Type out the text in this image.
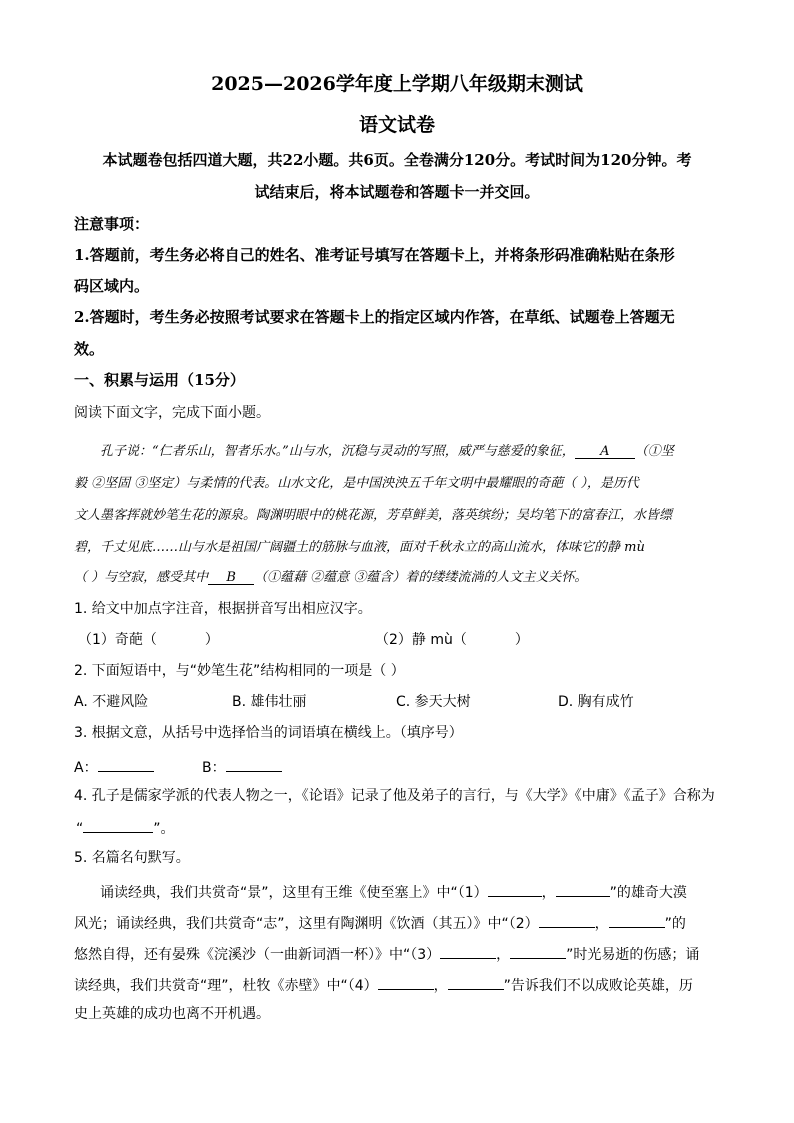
2025—2026学年度上学期八年级期末测试
语文试卷
本试题卷包括四道大题，共22小题。共6页。全卷满分120分。考试时间为120分钟。考
试结束后，将本试题卷和答题卡一并交回。
注意事项：
1.答题前，考生务必将自己的姓名、准考证号填写在答题卡上，并将条形码准确粘贴在条形
码区域内。
2.答题时，考生务必按照考试要求在答题卡上的指定区域内作答，在草纸、试题卷上答题无
效。
一、积累与运用（15分）
阅读下面文字，完成下面小题。
孔子说：“仁者乐山，智者乐水。”山与水，沉稳与灵动的写照，威严与慈爱的象征， A （①坚
毅 ②坚固 ③坚定）与柔情的代表。山水文化，是中国泱泱五千年文明中最耀眼的奇葩（ ），是历代
文人墨客挥就妙笔生花的源泉。陶渊明眼中的桃花源，芳草鲜美，落英缤纷；吴均笔下的富春江，水皆缥
碧，千丈见底……山与水是祖国广阔疆土的筋脉与血液，面对千秋永立的高山流水，体味它的静 mù
（ ）与空寂，感受其中 B （①蕴藉 ②蕴意 ③蕴含）着的缕缕流淌的人文主义关怀。
1. 给文中加点字注音，根据拼音写出相应汉字。
（1）奇葩（	）	（2）静 mù（	）
2. 下面短语中，与“妙笔生花”结构相同的一项是（ ）
A. 不避风险	B. 雄伟壮丽	C. 参天大树	D. 胸有成竹
3. 根据文意，从括号中选择恰当的词语填在横线上。（填序号）
A：	B：
4. 孔子是儒家学派的代表人物之一，《论语》记录了他及弟子的言行，与《大学》《中庸》《孟子》合称为
“	”。
5. 名篇名句默写。
诵读经典，我们共赏奇“景”，这里有王维《使至塞上》中“（1）	，	”的雄奇大漠
风光；诵读经典，我们共赏奇“志”，这里有陶渊明《饮酒（其五）》中“（2）	，	”的
悠然自得，还有晏殊《浣溪沙（一曲新词酒一杯）》中“（3）	，	”时光易逝的伤感；诵
读经典，我们共赏奇“理”，杜牧《赤壁》中“（4）	，	”告诉我们不以成败论英雄，历
史上英雄的成功也离不开机遇。
